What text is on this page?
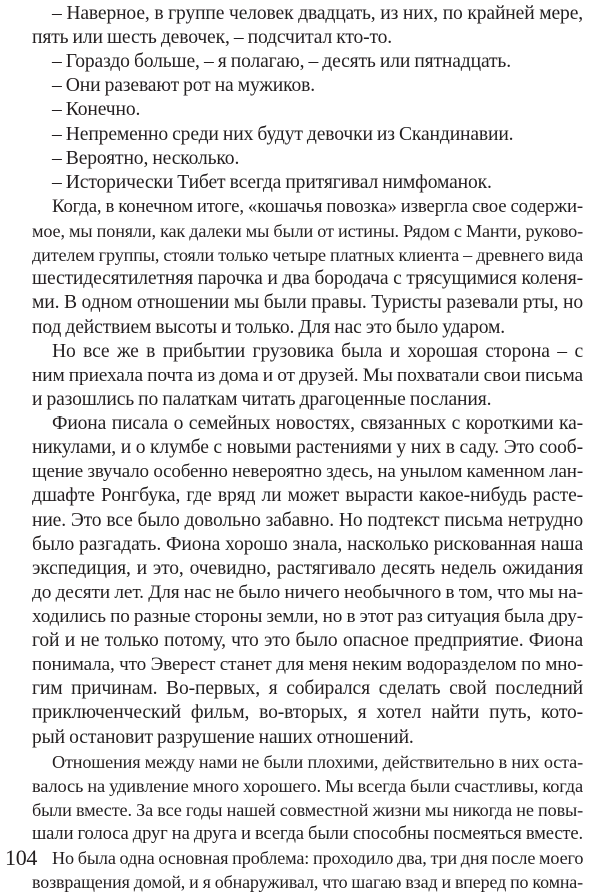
– Наверное, в группе человек двадцать, из них, по крайней мере,
пять или шесть девочек, – подсчитал кто-то.
– Гораздо больше, – я полагаю, – десять или пятнадцать.
– Они разевают рот на мужиков.
– Конечно.
– Непременно среди них будут девочки из Скандинавии.
– Вероятно, несколько.
– Исторически Тибет всегда притягивал нимфоманок.
Когда, в конечном итоге, «кошачья повозка» извергла свое содержи-
мое, мы поняли, как далеки мы были от истины. Рядом с Манти, руково-
дителем группы, стояли только четыре платных клиента – древнего вида
шестидесятилетняя парочка и два бородача с трясущимися коленя-
ми. В одном отношении мы были правы. Туристы разевали рты, но
под действием высоты и только. Для нас это было ударом.
Но все же в прибытии грузовика была и хорошая сторона – с
ним приехала почта из дома и от друзей. Мы похватали свои письма
и разошлись по палаткам читать драгоценные послания.
Фиона писала о семейных новостях, связанных с короткими ка-
никулами, и о клумбе с новыми растениями у них в саду. Это сооб-
щение звучало особенно невероятно здесь, на унылом каменном лан-
дшафте Ронгбука, где вряд ли может вырасти какое-нибудь расте-
ние. Это все было довольно забавно. Но подтекст письма нетрудно
было разгадать. Фиона хорошо знала, насколько рискованная наша
экспедиция, и это, очевидно, растягивало десять недель ожидания
до десяти лет. Для нас не было ничего необычного в том, что мы на-
ходились по разные стороны земли, но в этот раз ситуация была дру-
гой и не только потому, что это было опасное предприятие. Фиона
понимала, что Эверест станет для меня неким водоразделом по мно-
гим причинам. Во-первых, я собирался сделать свой последний
приключенческий фильм, во-вторых, я хотел найти путь, кото-
рый остановит разрушение наших отношений.
Отношения между нами не были плохими, действительно в них оста-
валось на удивление много хорошего. Мы всегда были счастливы, когда
были вместе. За все годы нашей совместной жизни мы никогда не повы-
шали голоса друг на друга и всегда были способны посмеяться вместе.
Но была одна основная проблема: проходило два, три дня после моего
возвращения домой, и я обнаруживал, что шагаю взад и вперед по комна-
104
